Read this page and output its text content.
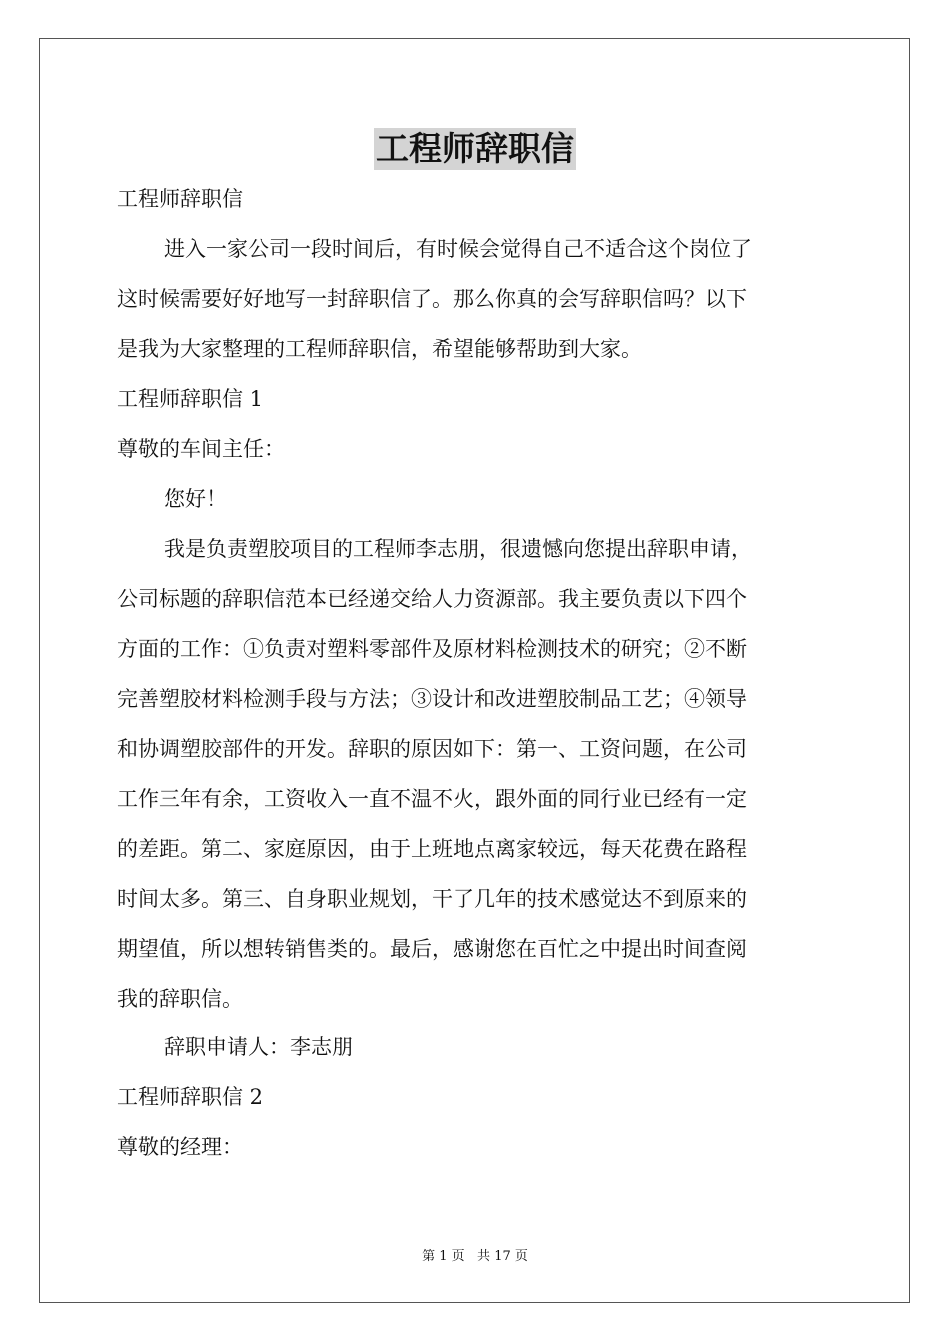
工程师辞职信
工程师辞职信
进入一家公司一段时间后，有时候会觉得自己不适合这个岗位了
这时候需要好好地写一封辞职信了。那么你真的会写辞职信吗？以下
是我为大家整理的工程师辞职信，希望能够帮助到大家。
工程师辞职信 1
尊敬的车间主任：
您好！
我是负责塑胶项目的工程师李志朋，很遗憾向您提出辞职申请，
公司标题的辞职信范本已经递交给人力资源部。我主要负责以下四个
方面的工作：①负责对塑料零部件及原材料检测技术的研究；②不断
完善塑胶材料检测手段与方法；③设计和改进塑胶制品工艺；④领导
和协调塑胶部件的开发。辞职的原因如下：第一、工资问题，在公司
工作三年有余，工资收入一直不温不火，跟外面的同行业已经有一定
的差距。第二、家庭原因，由于上班地点离家较远，每天花费在路程
时间太多。第三、自身职业规划，干了几年的技术感觉达不到原来的
期望值，所以想转销售类的。最后，感谢您在百忙之中提出时间查阅
我的辞职信。
辞职申请人：李志朋
工程师辞职信 2
尊敬的经理：
第 1 页   共 17 页
